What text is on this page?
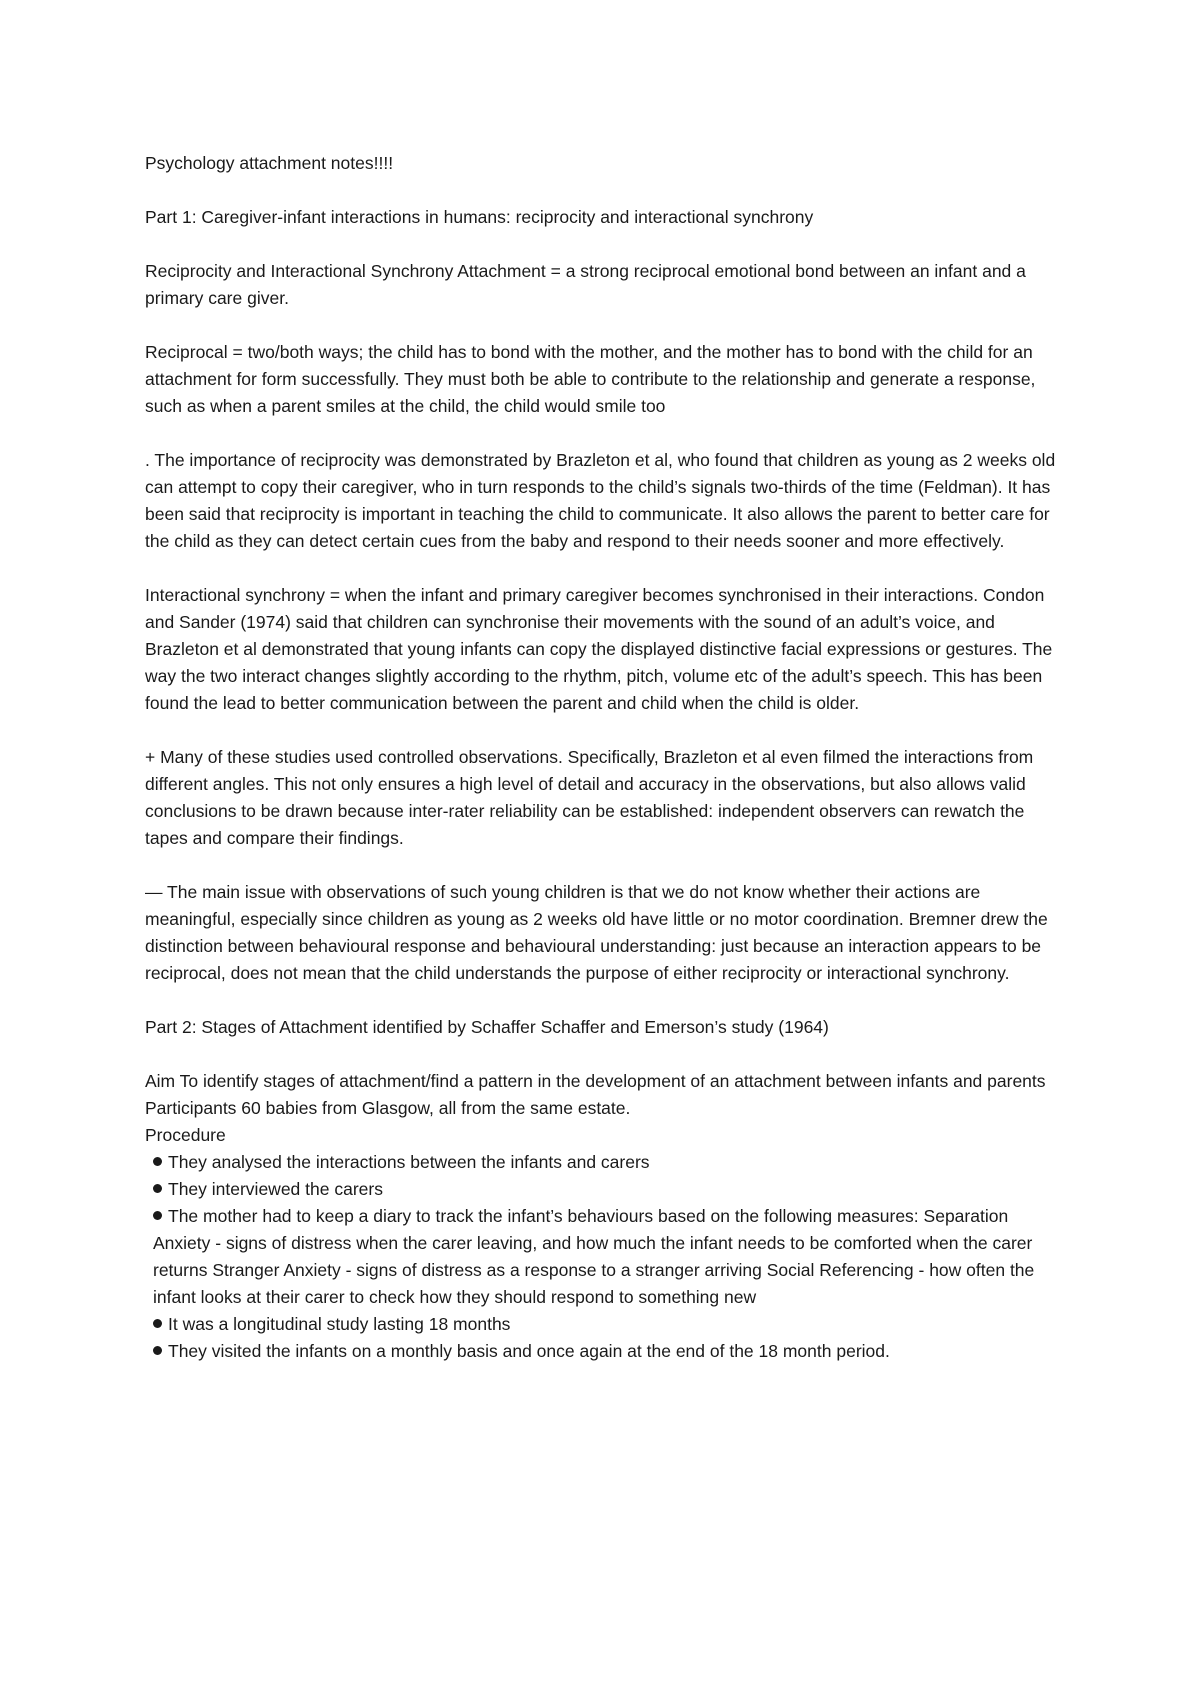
Psychology attachment notes!!!!

Part 1: Caregiver-infant interactions in humans: reciprocity and interactional synchrony

Reciprocity and Interactional Synchrony Attachment = a strong reciprocal emotional bond between an infant and a primary care giver.

Reciprocal = two/both ways; the child has to bond with the mother, and the mother has to bond with the child for an attachment for form successfully. They must both be able to contribute to the relationship and generate a response, such as when a parent smiles at the child, the child would smile too

. The importance of reciprocity was demonstrated by Brazleton et al, who found that children as young as 2 weeks old can attempt to copy their caregiver, who in turn responds to the child’s signals two-thirds of the time (Feldman). It has been said that reciprocity is important in teaching the child to communicate. It also allows the parent to better care for the child as they can detect certain cues from the baby and respond to their needs sooner and more effectively.

Interactional synchrony = when the infant and primary caregiver becomes synchronised in their interactions. Condon and Sander (1974) said that children can synchronise their movements with the sound of an adult’s voice, and Brazleton et al demonstrated that young infants can copy the displayed distinctive facial expressions or gestures. The way the two interact changes slightly according to the rhythm, pitch, volume etc of the adult’s speech. This has been found the lead to better communication between the parent and child when the child is older.

+ Many of these studies used controlled observations. Specifically, Brazleton et al even filmed the interactions from different angles. This not only ensures a high level of detail and accuracy in the observations, but also allows valid conclusions to be drawn because inter-rater reliability can be established: independent observers can rewatch the tapes and compare their findings.

— The main issue with observations of such young children is that we do not know whether their actions are meaningful, especially since children as young as 2 weeks old have little or no motor coordination. Bremner drew the distinction between behavioural response and behavioural understanding: just because an interaction appears to be reciprocal, does not mean that the child understands the purpose of either reciprocity or interactional synchrony.

Part 2: Stages of Attachment identified by Schaffer Schaffer and Emerson’s study (1964)

Aim To identify stages of attachment/find a pattern in the development of an attachment between infants and parents Participants 60 babies from Glasgow, all from the same estate.

Procedure

They analysed the interactions between the infants and carers
They interviewed the carers
The mother had to keep a diary to track the infant’s behaviours based on the following measures: Separation Anxiety - signs of distress when the carer leaving, and how much the infant needs to be comforted when the carer returns Stranger Anxiety - signs of distress as a response to a stranger arriving Social Referencing - how often the infant looks at their carer to check how they should respond to something new
It was a longitudinal study lasting 18 months
They visited the infants on a monthly basis and once again at the end of the 18 month period.
